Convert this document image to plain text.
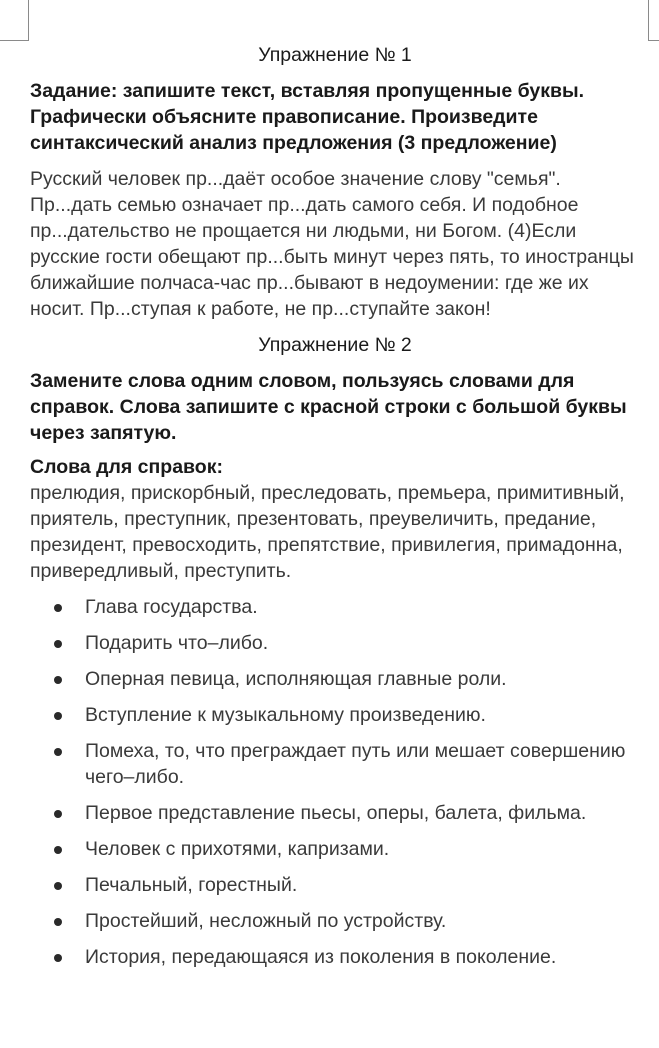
Упражнение № 1

Задание: запишите текст, вставляя пропущенные буквы. Графически объясните правописание. Произведите синтаксический анализ предложения (3 предложение)

Русский человек пр...даёт особое значение слову "семья". Пр...дать семью означает пр...дать самого себя. И подобное пр...дательство не прощается ни людьми, ни Богом. (4)Если русские гости обещают пр...быть минут через пять, то иностранцы ближайшие полчаса-час пр...бывают в недоумении: где же их носит. Пр...ступая к работе, не пр...ступайте закон!

Упражнение № 2

Замените слова одним словом, пользуясь словами для справок. Слова запишите с красной строки с большой буквы через запятую.

Слова для справок:

прелюдия, прискорбный, преследовать, премьера, примитивный, приятель, преступник, презентовать, преувеличить, предание, президент, превосходить, препятствие, привилегия, примадонна, привередливый, преступить.

Глава государства.
Подарить что–либо.
Оперная певица, исполняющая главные роли.
Вступление к музыкальному произведению.
Помеха, то, что преграждает путь или мешает совершению чего–либо.
Первое представление пьесы, оперы, балета, фильма.
Человек с прихотями, капризами.
Печальный, горестный.
Простейший, несложный по устройству.
История, передающаяся из поколения в поколение.
